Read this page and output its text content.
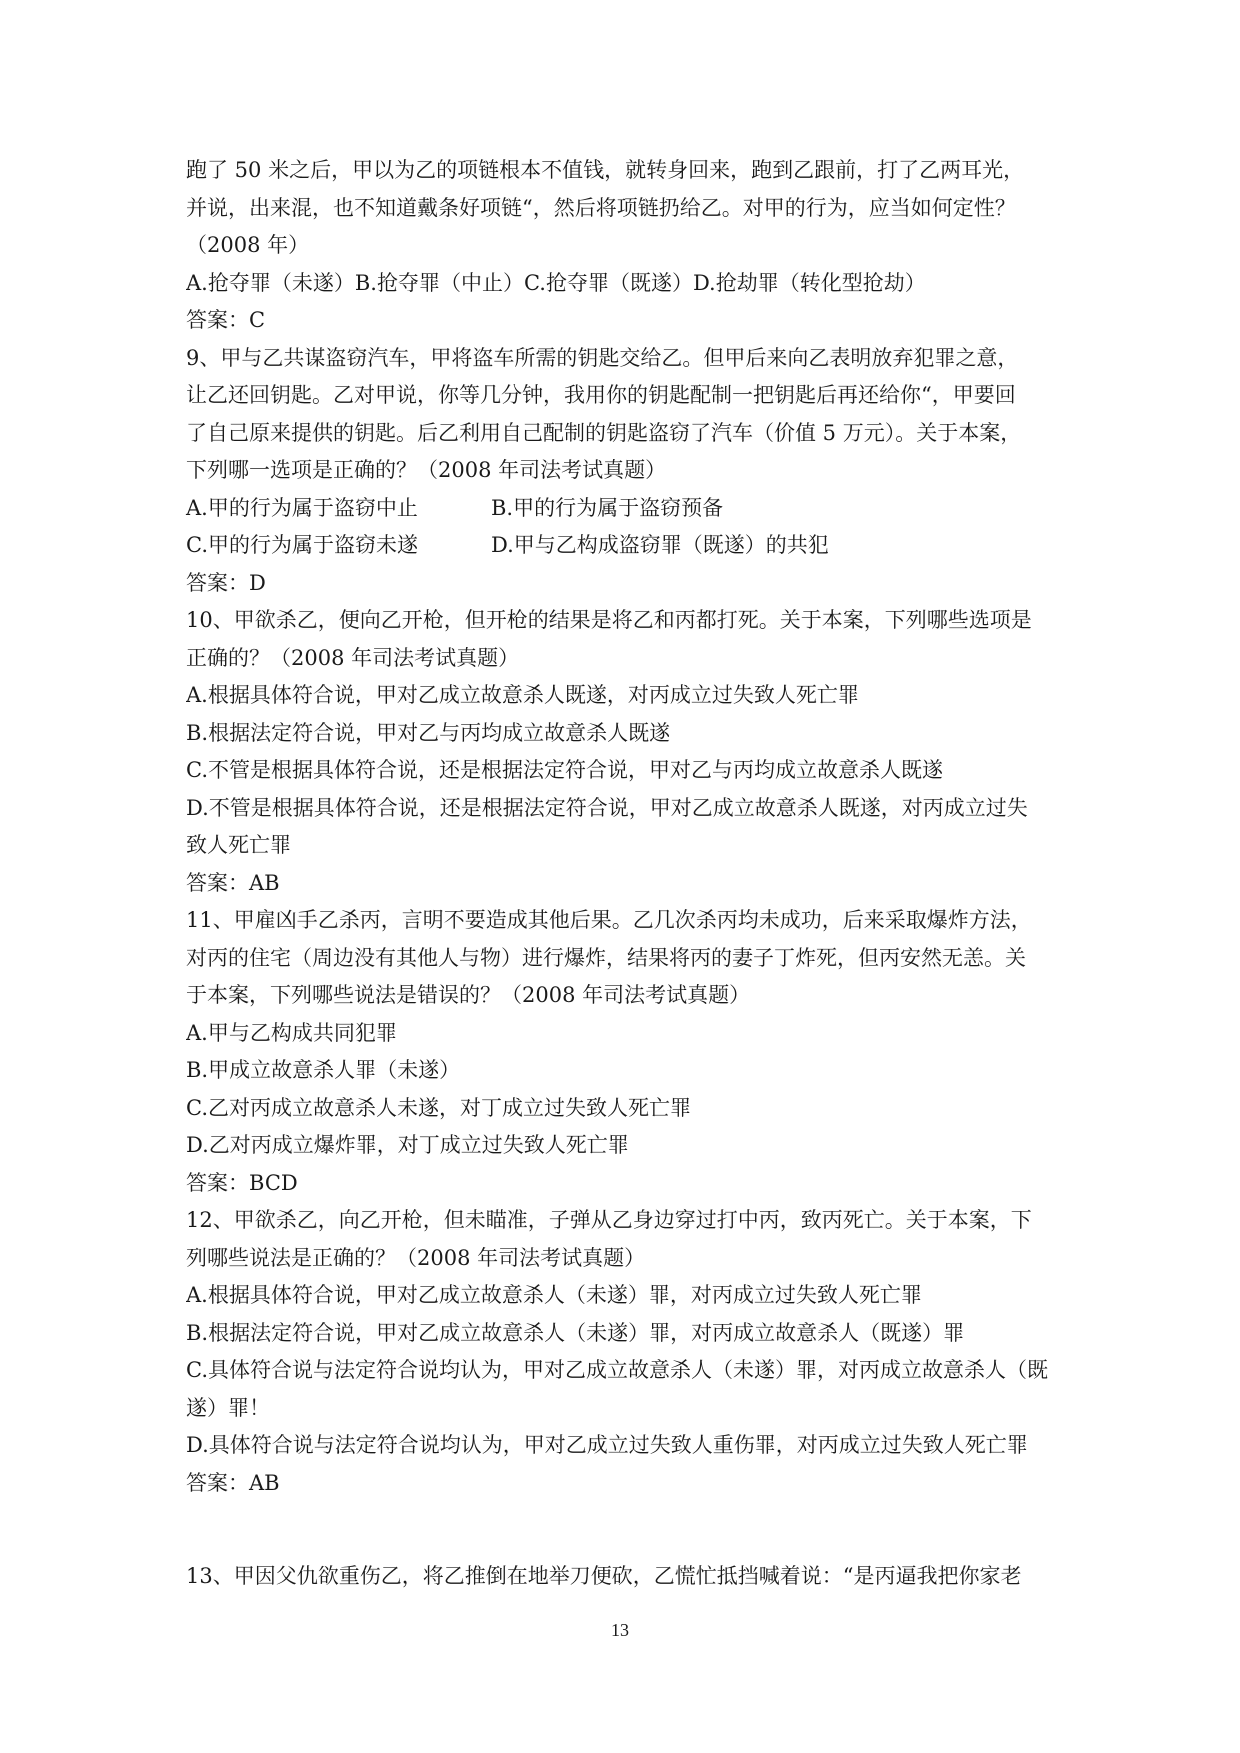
跑了 50 米之后，甲以为乙的项链根本不值钱，就转身回来，跑到乙跟前，打了乙两耳光，
并说，出来混，也不知道戴条好项链“，然后将项链扔给乙。对甲的行为，应当如何定性？
（2008 年）
A.抢夺罪（未遂）B.抢夺罪（中止）C.抢夺罪（既遂）D.抢劫罪（转化型抢劫）
答案：C
9、甲与乙共谋盗窃汽车，甲将盗车所需的钥匙交给乙。但甲后来向乙表明放弃犯罪之意，
让乙还回钥匙。乙对甲说，你等几分钟，我用你的钥匙配制一把钥匙后再还给你“，甲要回
了自己原来提供的钥匙。后乙利用自己配制的钥匙盗窃了汽车（价值 5 万元）。关于本案，
下列哪一选项是正确的？（2008 年司法考试真题）
A.甲的行为属于盗窃中止	B.甲的行为属于盗窃预备
C.甲的行为属于盗窃未遂	D.甲与乙构成盗窃罪（既遂）的共犯
答案：D
10、甲欲杀乙，便向乙开枪，但开枪的结果是将乙和丙都打死。关于本案，下列哪些选项是
正确的？（2008 年司法考试真题）
A.根据具体符合说，甲对乙成立故意杀人既遂，对丙成立过失致人死亡罪
B.根据法定符合说，甲对乙与丙均成立故意杀人既遂
C.不管是根据具体符合说，还是根据法定符合说，甲对乙与丙均成立故意杀人既遂
D.不管是根据具体符合说，还是根据法定符合说，甲对乙成立故意杀人既遂，对丙成立过失
致人死亡罪
答案：AB
11、甲雇凶手乙杀丙，言明不要造成其他后果。乙几次杀丙均未成功，后来采取爆炸方法，
对丙的住宅（周边没有其他人与物）进行爆炸，结果将丙的妻子丁炸死，但丙安然无恙。关
于本案，下列哪些说法是错误的？（2008 年司法考试真题）
A.甲与乙构成共同犯罪
B.甲成立故意杀人罪（未遂）
C.乙对丙成立故意杀人未遂，对丁成立过失致人死亡罪
D.乙对丙成立爆炸罪，对丁成立过失致人死亡罪
答案：BCD
12、甲欲杀乙，向乙开枪，但未瞄准，子弹从乙身边穿过打中丙，致丙死亡。关于本案，下
列哪些说法是正确的？（2008 年司法考试真题）
A.根据具体符合说，甲对乙成立故意杀人（未遂）罪，对丙成立过失致人死亡罪
B.根据法定符合说，甲对乙成立故意杀人（未遂）罪，对丙成立故意杀人（既遂）罪
C.具体符合说与法定符合说均认为，甲对乙成立故意杀人（未遂）罪，对丙成立故意杀人（既
遂）罪！
D.具体符合说与法定符合说均认为，甲对乙成立过失致人重伤罪，对丙成立过失致人死亡罪
答案：AB
13、甲因父仇欲重伤乙，将乙推倒在地举刀便砍，乙慌忙抵挡喊着说：“是丙逼我把你家老
13
